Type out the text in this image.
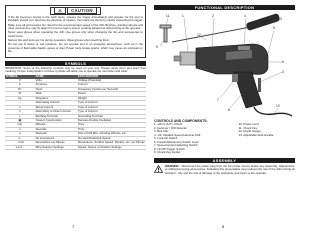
⚠ CAUTION

If the bit becomes bound in the work piece, release the trigger immediately and prepare for the tool to kickback toward you. Reverse the direction of rotation, then back out the bit by slowly squeezing the trigger.

Make sure all accessories are rated for the recommended speed of the drill. Brushes, grinding wheels and other accessories may fly apart if run at too high a speed, sending dangerous debris flying at the operator.

Never wear gloves when operating the drill. Use gloves only when changing the bits and accessories to avoid burns.

Narrow bits and tools get hot during operation. Wear gloves when touching them.

Do not use in damp or wet locations. Do not operate tool in an explosive atmosphere, such as in the presence of flammable liquids, gases or dust. Power tools create sparks, which may cause an explosion or fire.

SYMBOLS

IMPORTANT: Some of the following symbols may be used on your tool. Please study them and learn their meaning. Proper interpretation of these symbols will allow you to operate the tool better and safer.

SYMBOL	NAME	EXPLANATION
V	Volts	Voltage (Potential)
A	Amperes	Current
Hz	Hertz	Frequency (Cycles per Second)
W	Watt	Power
kg	Kilograms	Weight
~	Alternating Current	Type of Current
⎓	Direct Current	Type of Current
≂	Alternating or Direct Current	Type of Current
⏚	Earthing Terminal	Grounding Terminal
▣	Class II Construction	Denotes Double Insulation
min	Minutes	Time
s	Seconds	Time
⌀	Diameter	Size of Drill Bits, Grinding Wheels, etc.
n₀	No load speed	No load Rotational Speed
…/min	Revolutions per Minute	Revolutions, Surface Speed, Strokes, etc. per Minute
1,2,3...	Ring Selector Settings	Speed, Torque or Position Settings
7
FUNCTIONAL DESCRIPTION
11	1	2	4
13
5
6
3
7
8
10
9
12
CONTROLS AND COMPONENTS:
1. 13mm (1/2") Chuck
2. Hammer / Drill Selector
3. Belt Clip
4. 1/2" Variable Speed Hammer Drill
5. Lock-On Switch
6. Forward/Reversing Switch Lever
7. Speed Control Adjusting Switch
8. On/Off Trigger Switch
9. Chuck Key Holder
10. Power Cord
11. Chuck Key
12. Depth Gauge
13. Adjustable Side Handle
ASSEMBLY
WARNING - Disconnect the power plug from the AC power source before any assembly, adjustments, or adding/removing accessories. Following this preventative step reduces the risk of the drill running on accident - bits and the risk of damage to the workpiece and injury to the operator.
8
